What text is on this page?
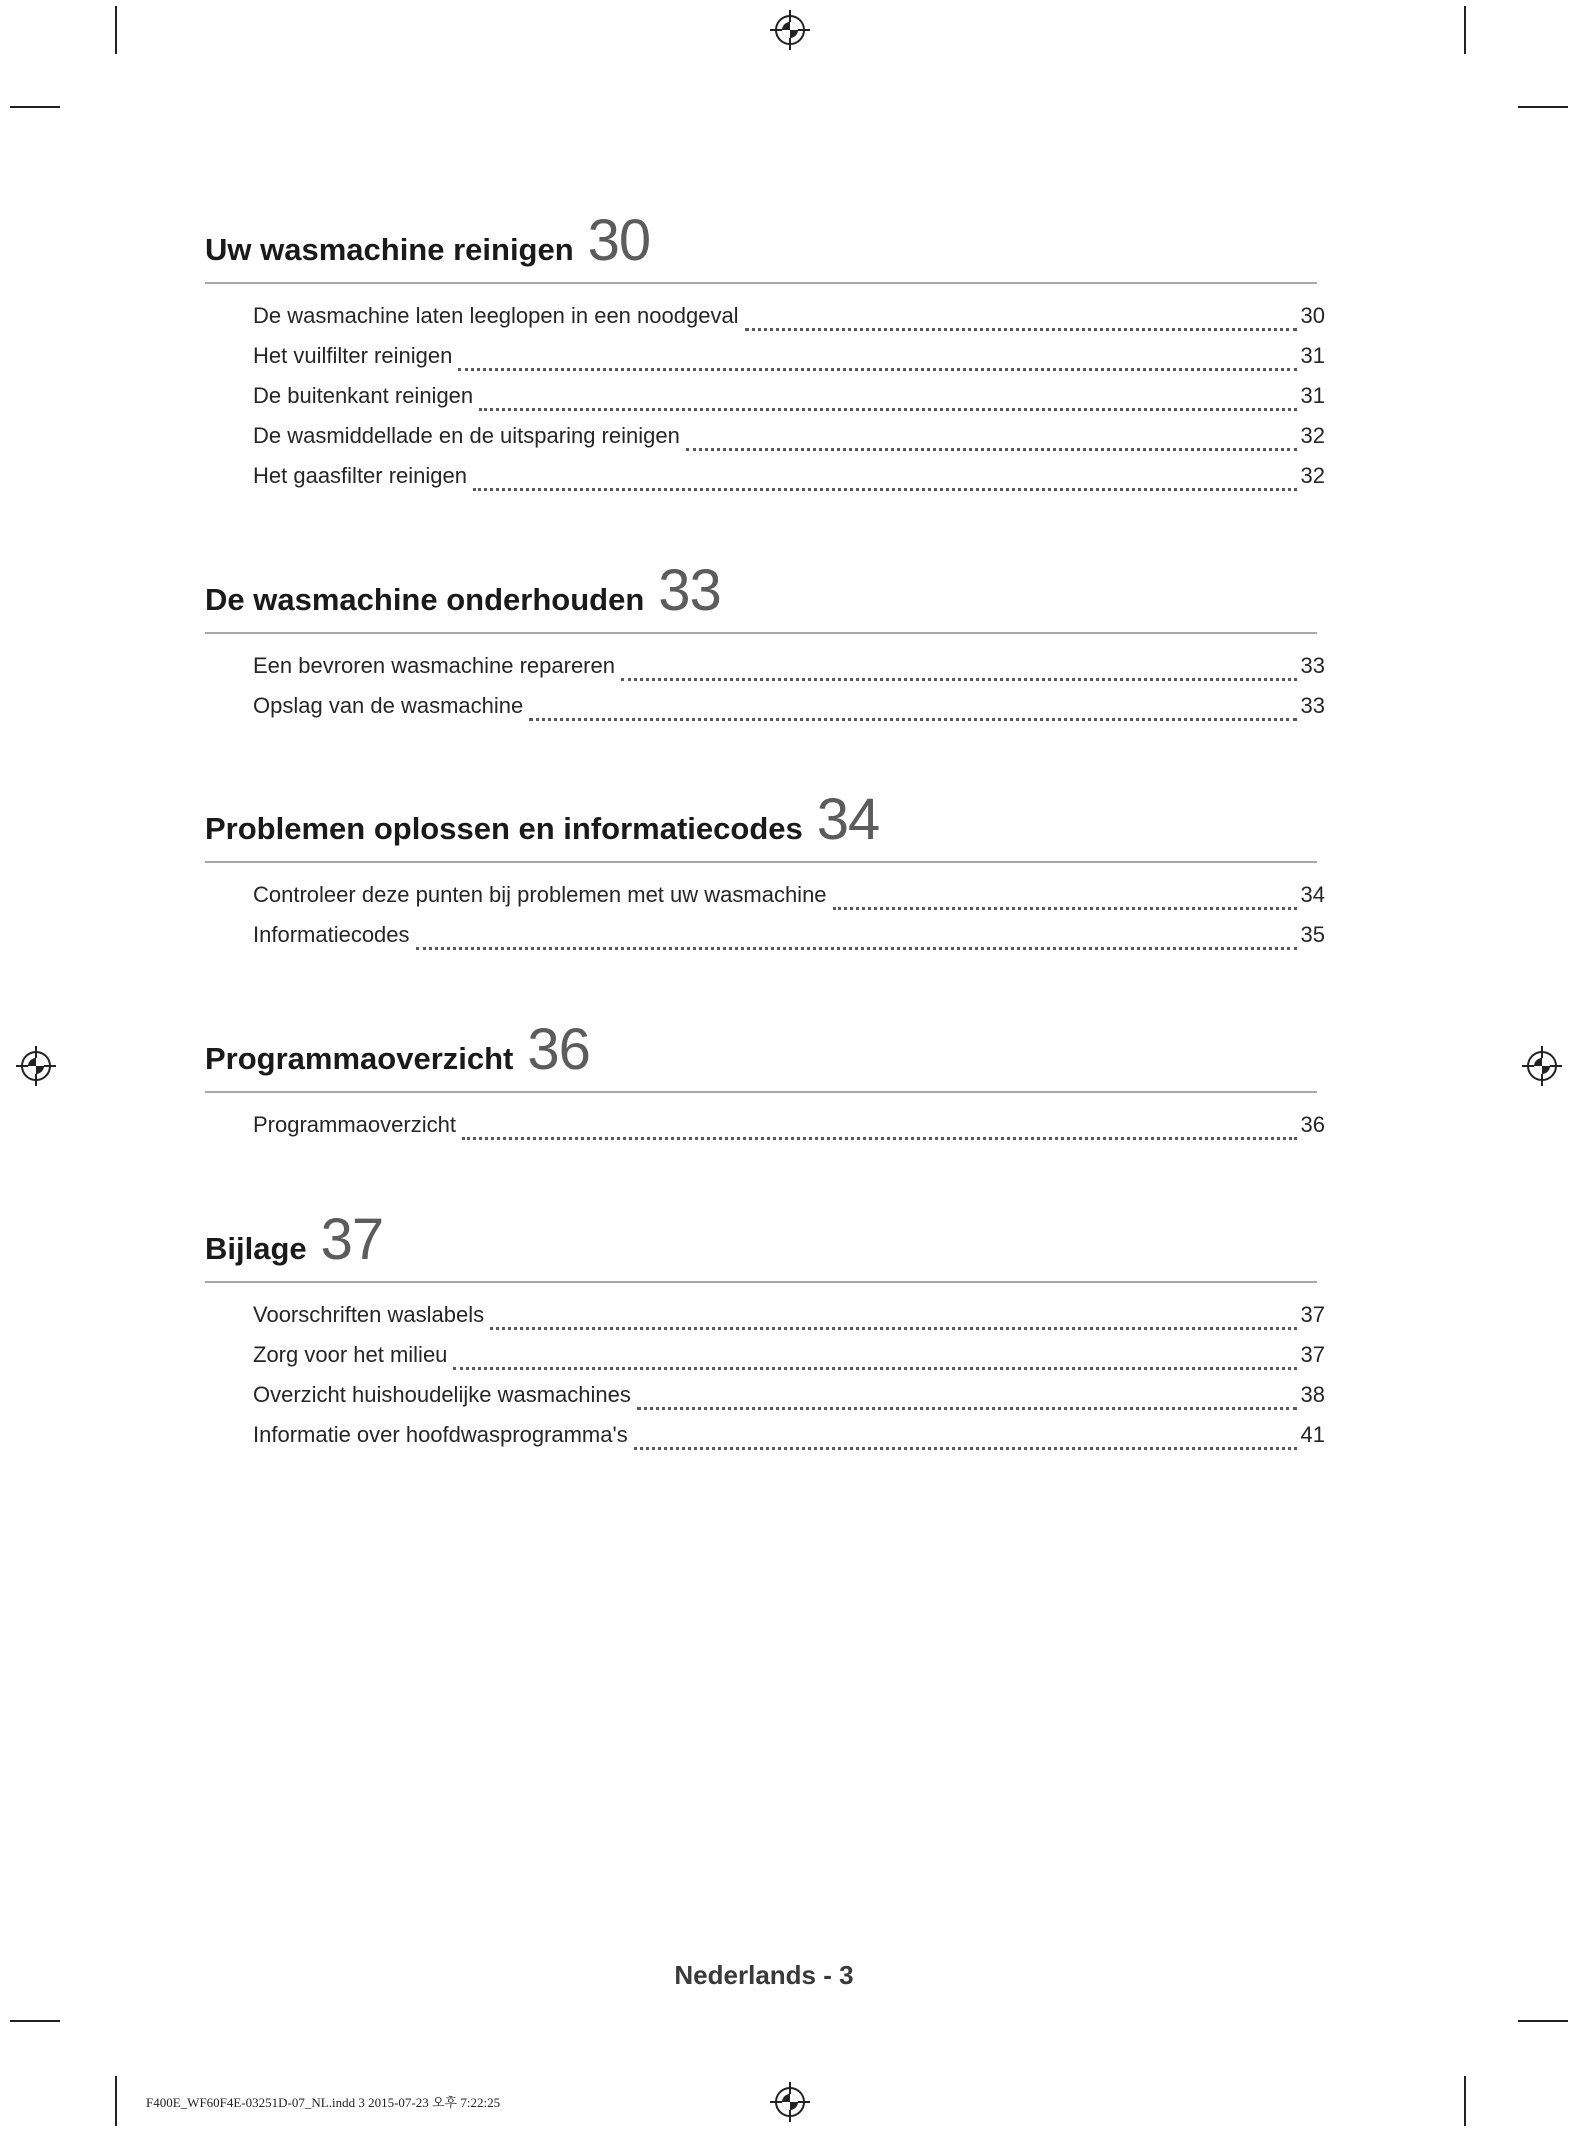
Uw wasmachine reinigen 30
De wasmachine laten leeglopen in een noodgeval	30
Het vuilfilter reinigen	31
De buitenkant reinigen	31
De wasmiddellade en de uitsparing reinigen	32
Het gaasfilter reinigen	32
De wasmachine onderhouden 33
Een bevroren wasmachine repareren	33
Opslag van de wasmachine	33
Problemen oplossen en informatiecodes 34
Controleer deze punten bij problemen met uw wasmachine	34
Informatiecodes	35
Programmaoverzicht 36
Programmaoverzicht	36
Bijlage 37
Voorschriften waslabels	37
Zorg voor het milieu	37
Overzicht huishoudelijke wasmachines	38
Informatie over hoofdwasprogramma's	41
Nederlands - 3
F400E_WF60F4E-03251D-07_NL.indd 3 2015-07-23 오후 7:22:25
